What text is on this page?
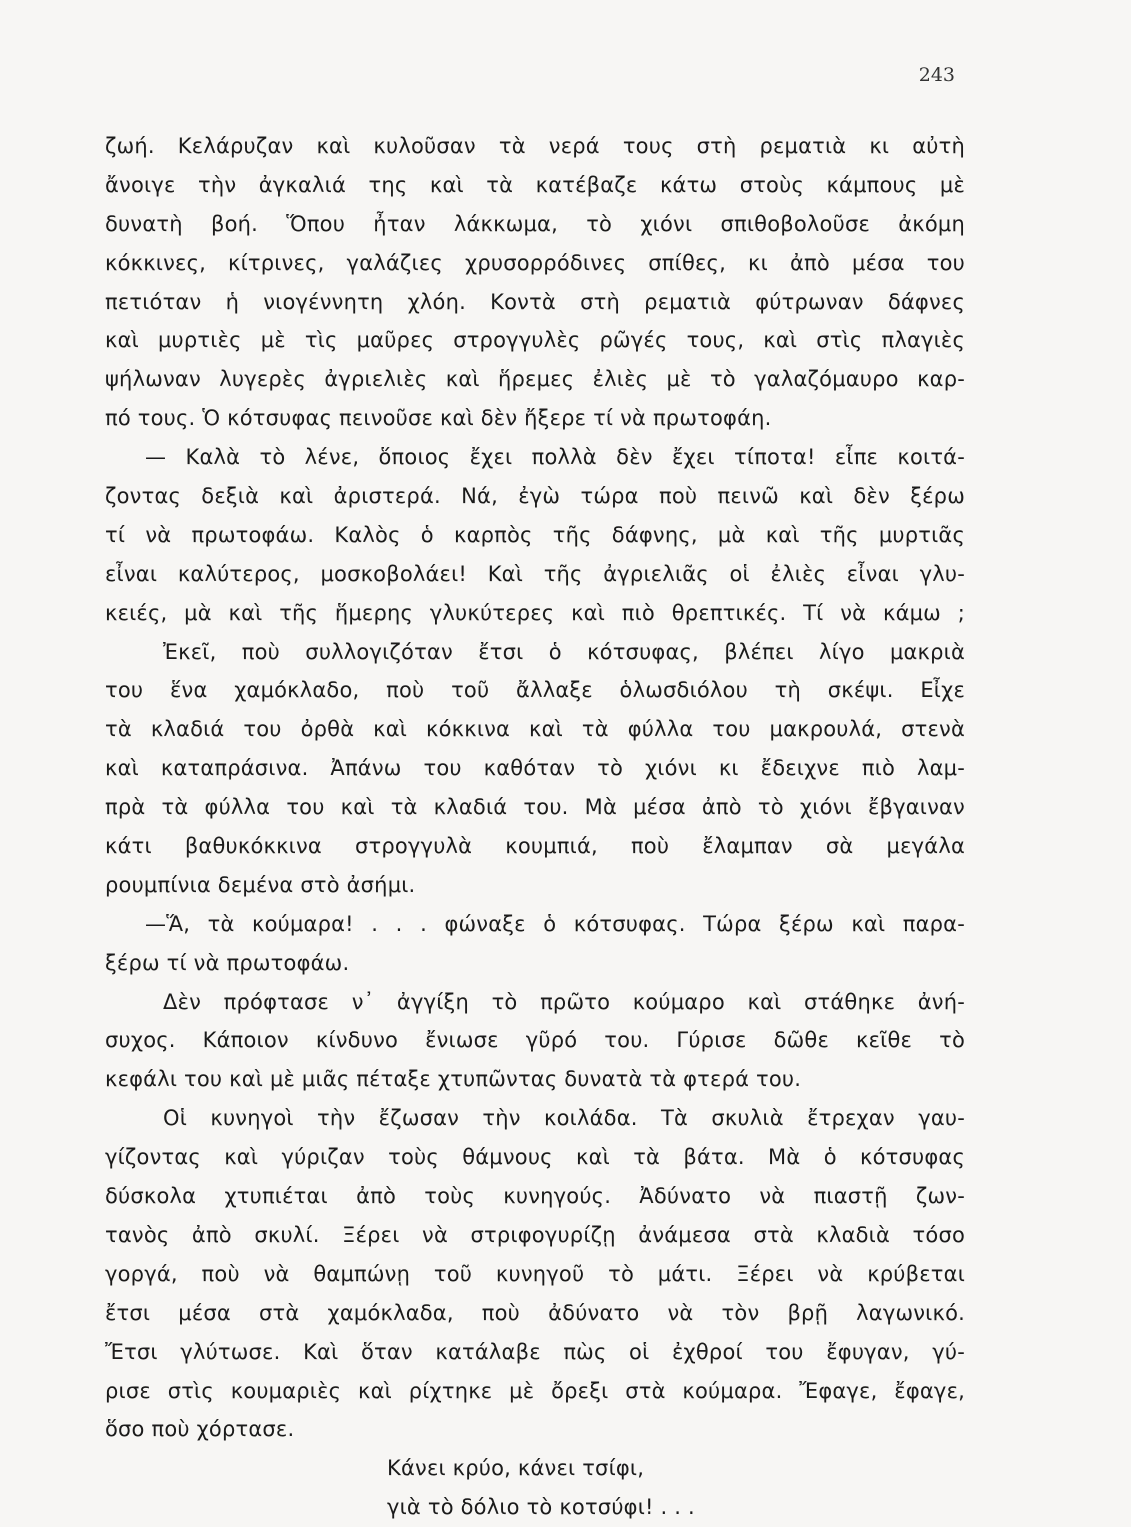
243
ζωή. Κελάρυζαν καὶ κυλοῦσαν τὰ νερά τους στὴ ρεματιὰ κι αὐτὴ
ἄνοιγε τὴν ἀγκαλιά της καὶ τὰ κατέβαζε κάτω στοὺς κάμπους μὲ
δυνατὴ βοή. Ὅπου ἦταν λάκκωμα, τὸ χιόνι σπιθοβολοῦσε ἀκόμη
κόκκινες, κίτρινες, γαλάζιες χρυσορρόδινες σπίθες, κι ἀπὸ μέσα του
πετιόταν ἡ νιογέννητη χλόη. Κοντὰ στὴ ρεματιὰ φύτρωναν δάφνες
καὶ μυρτιὲς μὲ τὶς μαῦρες στρογγυλὲς ρῶγές τους, καὶ στὶς πλαγιὲς
ψήλωναν λυγερὲς ἀγριελιὲς καὶ ἥρεμες ἐλιὲς μὲ τὸ γαλαζόμαυρο καρ-
πό τους. Ὁ κότσυφας πεινοῦσε καὶ δὲν ἤξερε τί νὰ πρωτοφάη.
— Καλὰ τὸ λένε, ὅποιος ἔχει πολλὰ δὲν ἔχει τίποτα! εἶπε κοιτά-
ζοντας δεξιὰ καὶ ἀριστερά. Νά, ἐγὼ τώρα ποὺ πεινῶ καὶ δὲν ξέρω
τί νὰ πρωτοφάω. Καλὸς ὁ καρπὸς τῆς δάφνης, μὰ καὶ τῆς μυρτιᾶς
εἶναι καλύτερος, μοσκοβολάει! Καὶ τῆς ἀγριελιᾶς οἱ ἐλιὲς εἶναι γλυ-
κειές, μὰ καὶ τῆς ἥμερης γλυκύτερες καὶ πιὸ θρεπτικές. Τί νὰ κάμω ;
Ἐκεῖ, ποὺ συλλογιζόταν ἔτσι ὁ κότσυφας, βλέπει λίγο μακριὰ
του ἕνα χαμόκλαδο, ποὺ τοῦ ἄλλαξε ὁλωσδιόλου τὴ σκέψι. Εἶχε
τὰ κλαδιά του ὀρθὰ καὶ κόκκινα καὶ τὰ φύλλα του μακρουλά, στενὰ
καὶ καταπράσινα. Ἀπάνω του καθόταν τὸ χιόνι κι ἔδειχνε πιὸ λαμ-
πρὰ τὰ φύλλα του καὶ τὰ κλαδιά του. Μὰ μέσα ἀπὸ τὸ χιόνι ἔβγαιναν
κάτι βαθυκόκκινα στρογγυλὰ κουμπιά, ποὺ ἔλαμπαν σὰ μεγάλα
ρουμπίνια δεμένα στὸ ἀσήμι.
—Ἅ, τὰ κούμαρα! . . . φώναξε ὁ κότσυφας. Τώρα ξέρω καὶ παρα-
ξέρω τί νὰ πρωτοφάω.
Δὲν πρόφτασε ν᾿ ἀγγίξη τὸ πρῶτο κούμαρο καὶ στάθηκε ἀνή-
συχος. Κάποιον κίνδυνο ἔνιωσε γῦρό του. Γύρισε δῶθε κεῖθε τὸ
κεφάλι του καὶ μὲ μιᾶς πέταξε χτυπῶντας δυνατὰ τὰ φτερά του.
Οἱ κυνηγοὶ τὴν ἔζωσαν τὴν κοιλάδα. Τὰ σκυλιὰ ἔτρεχαν γαυ-
γίζοντας καὶ γύριζαν τοὺς θάμνους καὶ τὰ βάτα. Μὰ ὁ κότσυφας
δύσκολα χτυπιέται ἀπὸ τοὺς κυνηγούς. Ἀδύνατο νὰ πιαστῇ ζων-
τανὸς ἀπὸ σκυλί. Ξέρει νὰ στριφογυρίζῃ ἀνάμεσα στὰ κλαδιὰ τόσο
γοργά, ποὺ νὰ θαμπώνῃ τοῦ κυνηγοῦ τὸ μάτι. Ξέρει νὰ κρύβεται
ἔτσι μέσα στὰ χαμόκλαδα, ποὺ ἀδύνατο νὰ τὸν βρῇ λαγωνικό.
Ἔτσι γλύτωσε. Καὶ ὅταν κατάλαβε πὼς οἱ ἐχθροί του ἔφυγαν, γύ-
ρισε στὶς κουμαριὲς καὶ ρίχτηκε μὲ ὄρεξι στὰ κούμαρα. Ἔφαγε, ἔφαγε,
ὅσο ποὺ χόρτασε.
Κάνει κρύο, κάνει τσίφι,
γιὰ τὸ δόλιο τὸ κοτσύφι! . . .
